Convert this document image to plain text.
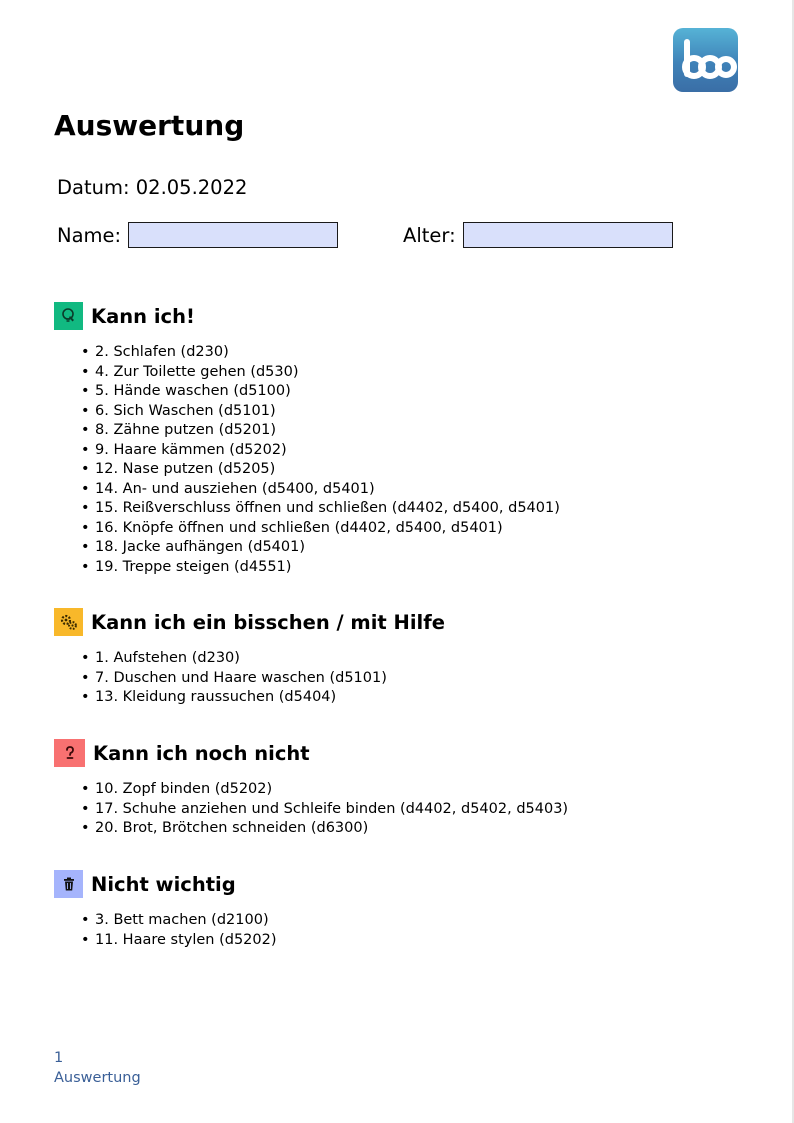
Auswertung
Datum: 02.05.2022
Name:	Alter:
Kann ich!
• 2. Schlafen (d230)
• 4. Zur Toilette gehen (d530)
• 5. Hände waschen (d5100)
• 6. Sich Waschen (d5101)
• 8. Zähne putzen (d5201)
• 9. Haare kämmen (d5202)
• 12. Nase putzen (d5205)
• 14. An- und ausziehen (d5400, d5401)
• 15. Reißverschluss öffnen und schließen (d4402, d5400, d5401)
• 16. Knöpfe öffnen und schließen (d4402, d5400, d5401)
• 18. Jacke aufhängen (d5401)
• 19. Treppe steigen (d4551)
Kann ich ein bisschen / mit Hilfe
• 1. Aufstehen (d230)
• 7. Duschen und Haare waschen (d5101)
• 13. Kleidung raussuchen (d5404)
Kann ich noch nicht
• 10. Zopf binden (d5202)
• 17. Schuhe anziehen und Schleife binden (d4402, d5402, d5403)
• 20. Brot, Brötchen schneiden (d6300)
Nicht wichtig
• 3. Bett machen (d2100)
• 11. Haare stylen (d5202)
1
Auswertung
